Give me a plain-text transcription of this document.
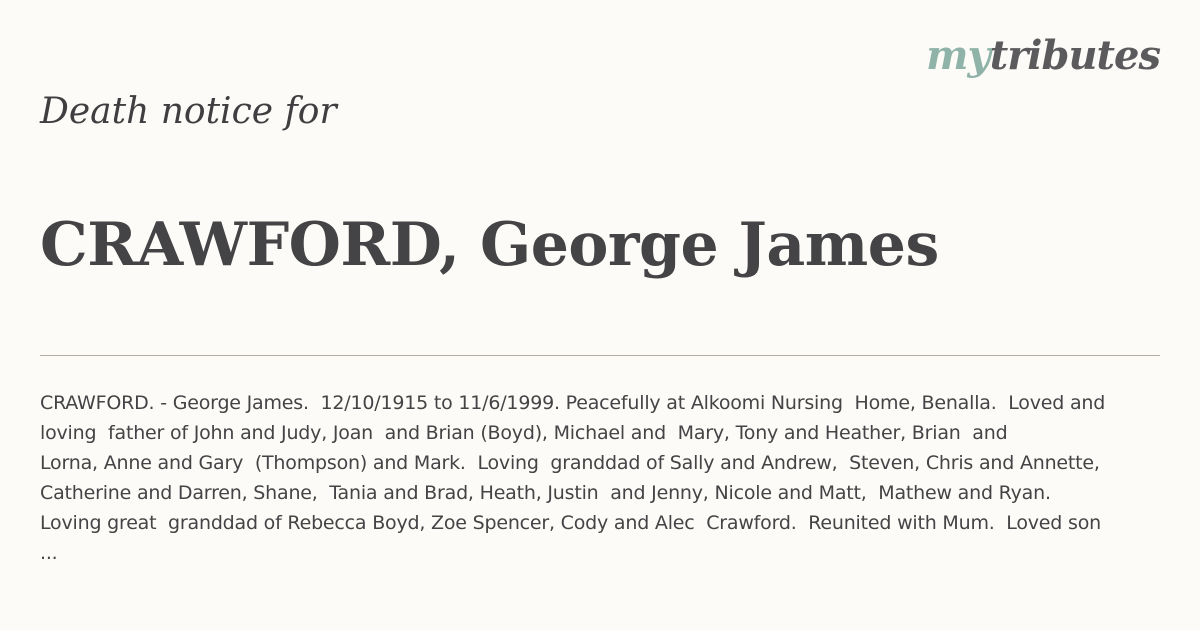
mytributes
Death notice for
CRAWFORD, George James
CRAWFORD. - George James.  12/10/1915 to 11/6/1999. Peacefully at Alkoomi Nursing  Home, Benalla.  Loved and
loving  father of John and Judy, Joan  and Brian (Boyd), Michael and  Mary, Tony and Heather, Brian  and
Lorna, Anne and Gary  (Thompson) and Mark.  Loving  granddad of Sally and Andrew,  Steven, Chris and Annette,
Catherine and Darren, Shane,  Tania and Brad, Heath, Justin  and Jenny, Nicole and Matt,  Mathew and Ryan.
Loving great  granddad of Rebecca Boyd, Zoe Spencer, Cody and Alec  Crawford.  Reunited with Mum.  Loved son
...
